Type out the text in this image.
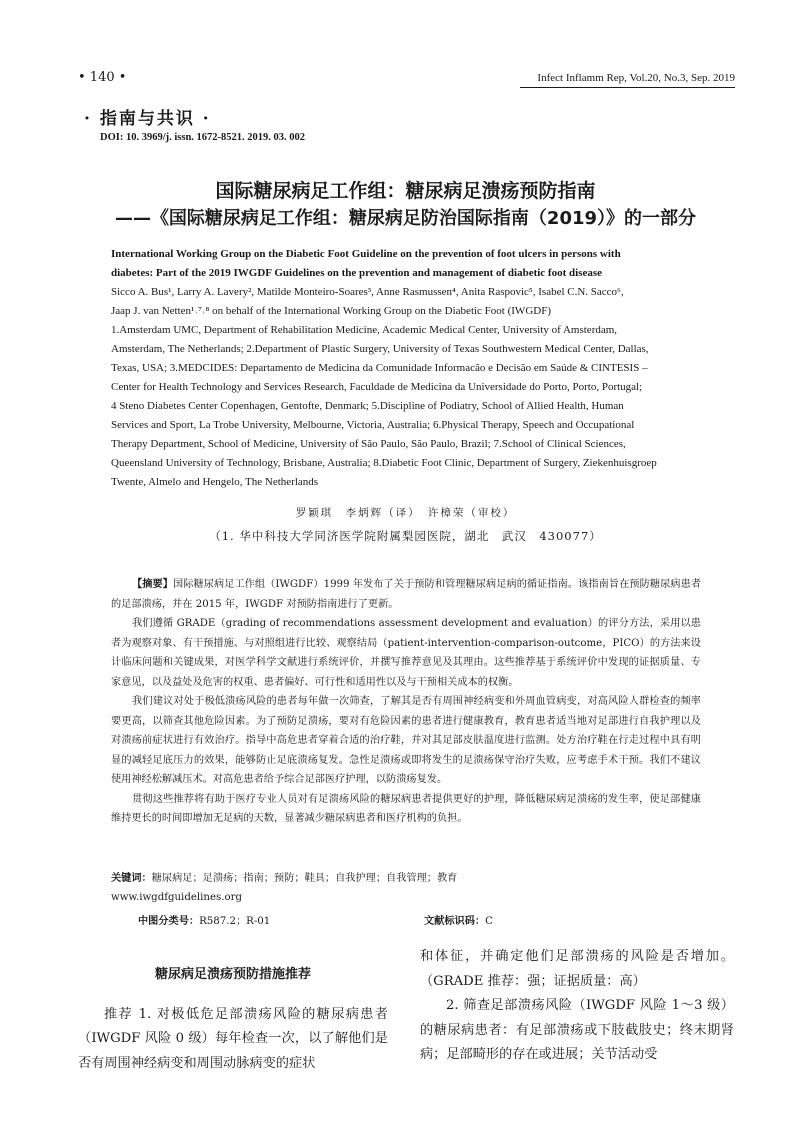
• 140 •	Infect Inflamm Rep, Vol.20, No.3, Sep. 2019
· 指南与共识 ·
DOI: 10. 3969/j. issn. 1672-8521. 2019. 03. 002
国际糖尿病足工作组：糖尿病足溃疡预防指南
——《国际糖尿病足工作组：糖尿病足防治国际指南（2019）》的一部分
International Working Group on the Diabetic Foot Guideline on the prevention of foot ulcers in persons with
diabetes: Part of the 2019 IWGDF Guidelines on the prevention and management of diabetic foot disease
Sicco A. Bus¹, Larry A. Lavery², Matilde Monteiro-Soares³, Anne Rasmussen⁴, Anita Raspovic⁵, Isabel C.N. Sacco⁶,
Jaap J. van Netten¹˒⁷˒⁸ on behalf of the International Working Group on the Diabetic Foot (IWGDF)
1.Amsterdam UMC, Department of Rehabilitation Medicine, Academic Medical Center, University of Amsterdam,
Amsterdam, The Netherlands; 2.Department of Plastic Surgery, University of Texas Southwestern Medical Center, Dallas,
Texas, USA; 3.MEDCIDES: Departamento de Medicina da Comunidade Informacão e Decisão em Saúde & CINTESIS –
Center for Health Technology and Services Research, Faculdade de Medicina da Universidade do Porto, Porto, Portugal;
4 Steno Diabetes Center Copenhagen, Gentofte, Denmark; 5.Discipline of Podiatry, School of Allied Health, Human
Services and Sport, La Trobe University, Melbourne, Victoria, Australia; 6.Physical Therapy, Speech and Occupational
Therapy Department, School of Medicine, University of São Paulo, São Paulo, Brazil; 7.School of Clinical Sciences,
Queensland University of Technology, Brisbane, Australia; 8.Diabetic Foot Clinic, Department of Surgery, Ziekenhuisgroep
Twente, Almelo and Hengelo, The Netherlands
罗颖琪　李炳辉（译）　许樟荣（审校）
（1. 华中科技大学同济医学院附属梨园医院，湖北　武汉　430077）

【摘要】国际糖尿病足工作组（IWGDF）1999 年发布了关于预防和管理糖尿病足病的循证指南。该指南旨在预防糖尿病患者的足部溃疡，并在 2015 年，IWGDF 对预防指南进行了更新。

我们遵循 GRADE（grading of recommendations assessment development and evaluation）的评分方法，采用以患者为观察对象、有干预措施、与对照组进行比较、观察结局（patient-intervention-comparison-outcome，PICO）的方法来设计临床问题和关键成果，对医学科学文献进行系统评价，并撰写推荐意见及其理由。这些推荐基于系统评价中发现的证据质量、专家意见，以及益处及危害的权重、患者偏好、可行性和适用性以及与干预相关成本的权衡。

我们建议对处于极低溃疡风险的患者每年做一次筛查，了解其是否有周围神经病变和外周血管病变，对高风险人群检查的频率要更高，以筛查其他危险因素。为了预防足溃疡，要对有危险因素的患者进行健康教育，教育患者适当地对足部进行自我护理以及对溃疡前症状进行有效治疗。指导中高危患者穿着合适的治疗鞋，并对其足部皮肤温度进行监测。处方治疗鞋在行走过程中具有明显的减轻足底压力的效果，能够防止足底溃疡复发。急性足溃疡或即将发生的足溃疡保守治疗失败，应考虑手术干预。我们不建议使用神经松解减压术。对高危患者给予综合足部医疗护理，以防溃疡复发。

贯彻这些推荐将有助于医疗专业人员对有足溃疡风险的糖尿病患者提供更好的护理，降低糖尿病足溃疡的发生率，使足部健康维持更长的时间即增加无足病的天数，显著减少糖尿病患者和医疗机构的负担。

关键词：糖尿病足；足溃疡；指南；预防；鞋具；自我护理；自我管理；教育
www.iwgdfguidelines.org
中图分类号：R587.2；R-01	文献标识码：C
糖尿病足溃疡预防措施推荐

推荐 1. 对极低危足部溃疡风险的糖尿病患者（IWGDF 风险 0 级）每年检查一次，以了解他们是否有周围神经病变和周围动脉病变的症状

和体征，并确定他们足部溃疡的风险是否增加。（GRADE 推荐：强；证据质量：高）

2. 筛查足部溃疡风险（IWGDF 风险 1～3 级）的糖尿病患者：有足部溃疡或下肢截肢史；终末期肾病；足部畸形的存在或进展；关节活动受
